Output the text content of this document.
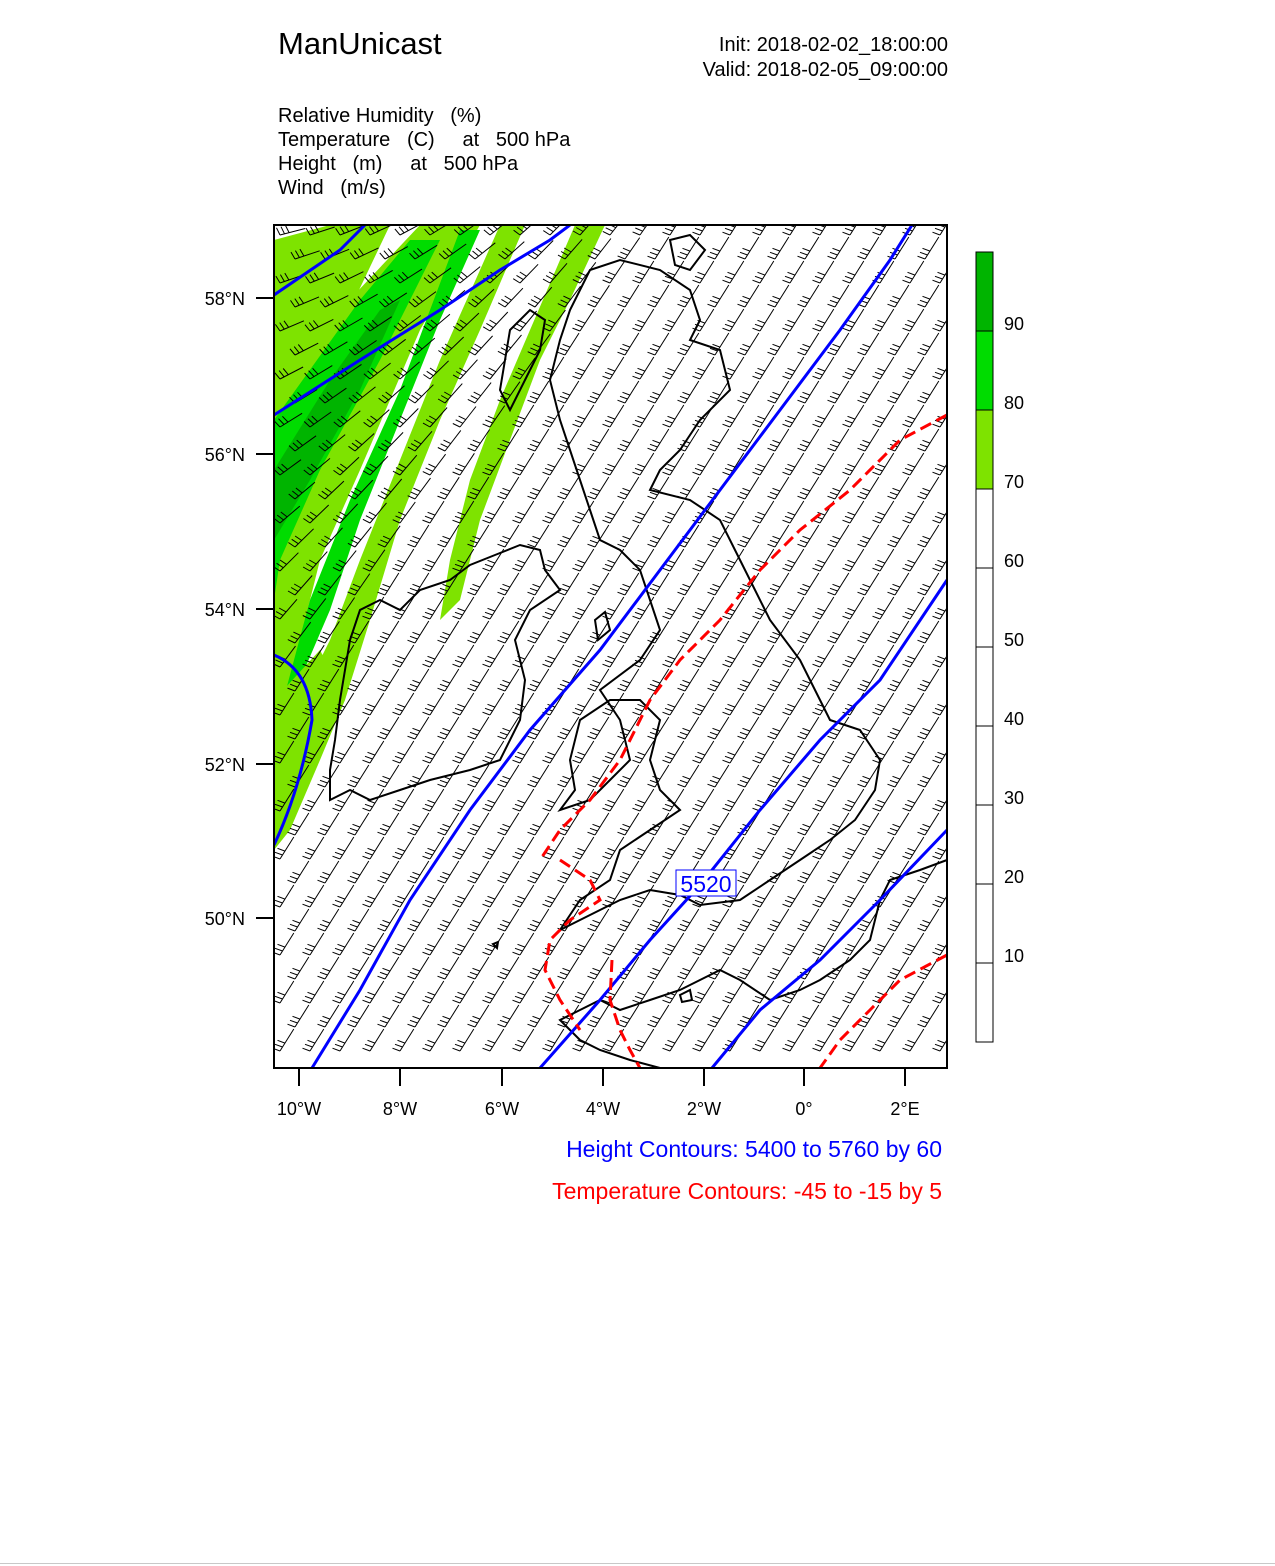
ManUnicast	Init: 2018-02-02_18:00:00
Valid: 2018-02-05_09:00:00
Relative Humidity   (%)
Temperature   (C)     at   500 hPa
Height   (m)     at   500 hPa
Wind   (m/s)
5520
58°N
56°N
54°N
52°N
50°N
10°W	8°W	6°W	4°W	2°W	0°	2°E
90
80
70
60
50
40
30
20
10
Height Contours: 5400 to 5760 by 60
Temperature Contours: -45 to -15 by 5
